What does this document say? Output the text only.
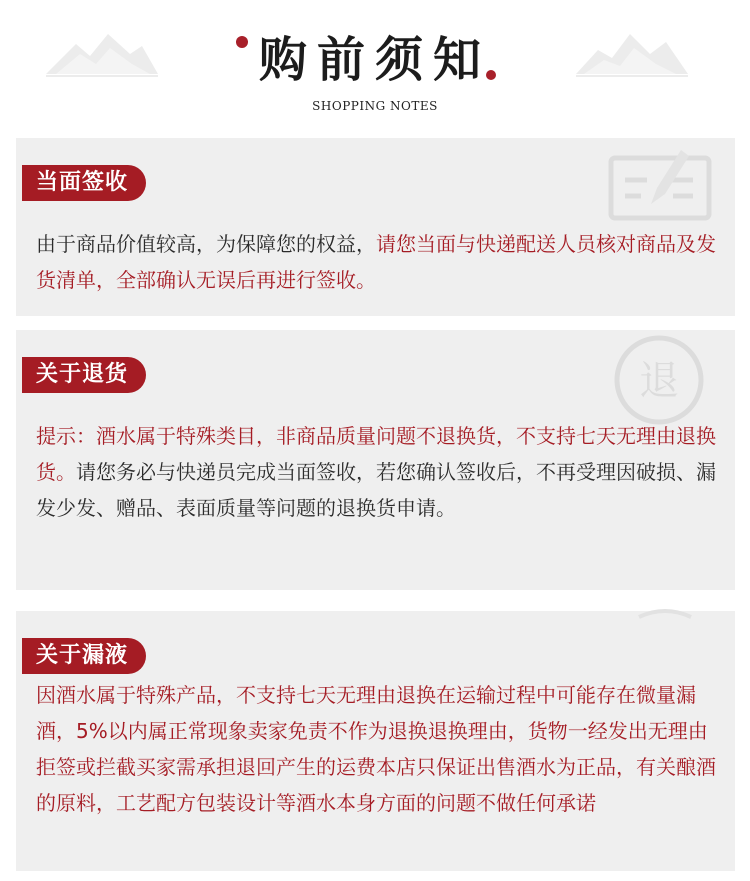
购前须知
SHOPPING NOTES
当面签收
由于商品价值较高，为保障您的权益，请您当面与快递配送人员核对商品及发货清单，全部确认无误后再进行签收。
退
关于退货
提示：酒水属于特殊类目，非商品质量问题不退换货，不支持七天无理由退换货。请您务必与快递员完成当面签收，若您确认签收后，不再受理因破损、漏发少发、赠品、表面质量等问题的退换货申请。
关于漏液
因酒水属于特殊产品，不支持七天无理由退换在运输过程中可能存在微量漏酒，5%以内属正常现象卖家免责不作为退换退换理由，货物一经发出无理由拒签或拦截买家需承担退回产生的运费本店只保证出售酒水为正品，有关酿酒的原料，工艺配方包装设计等酒水本身方面的问题不做任何承诺
